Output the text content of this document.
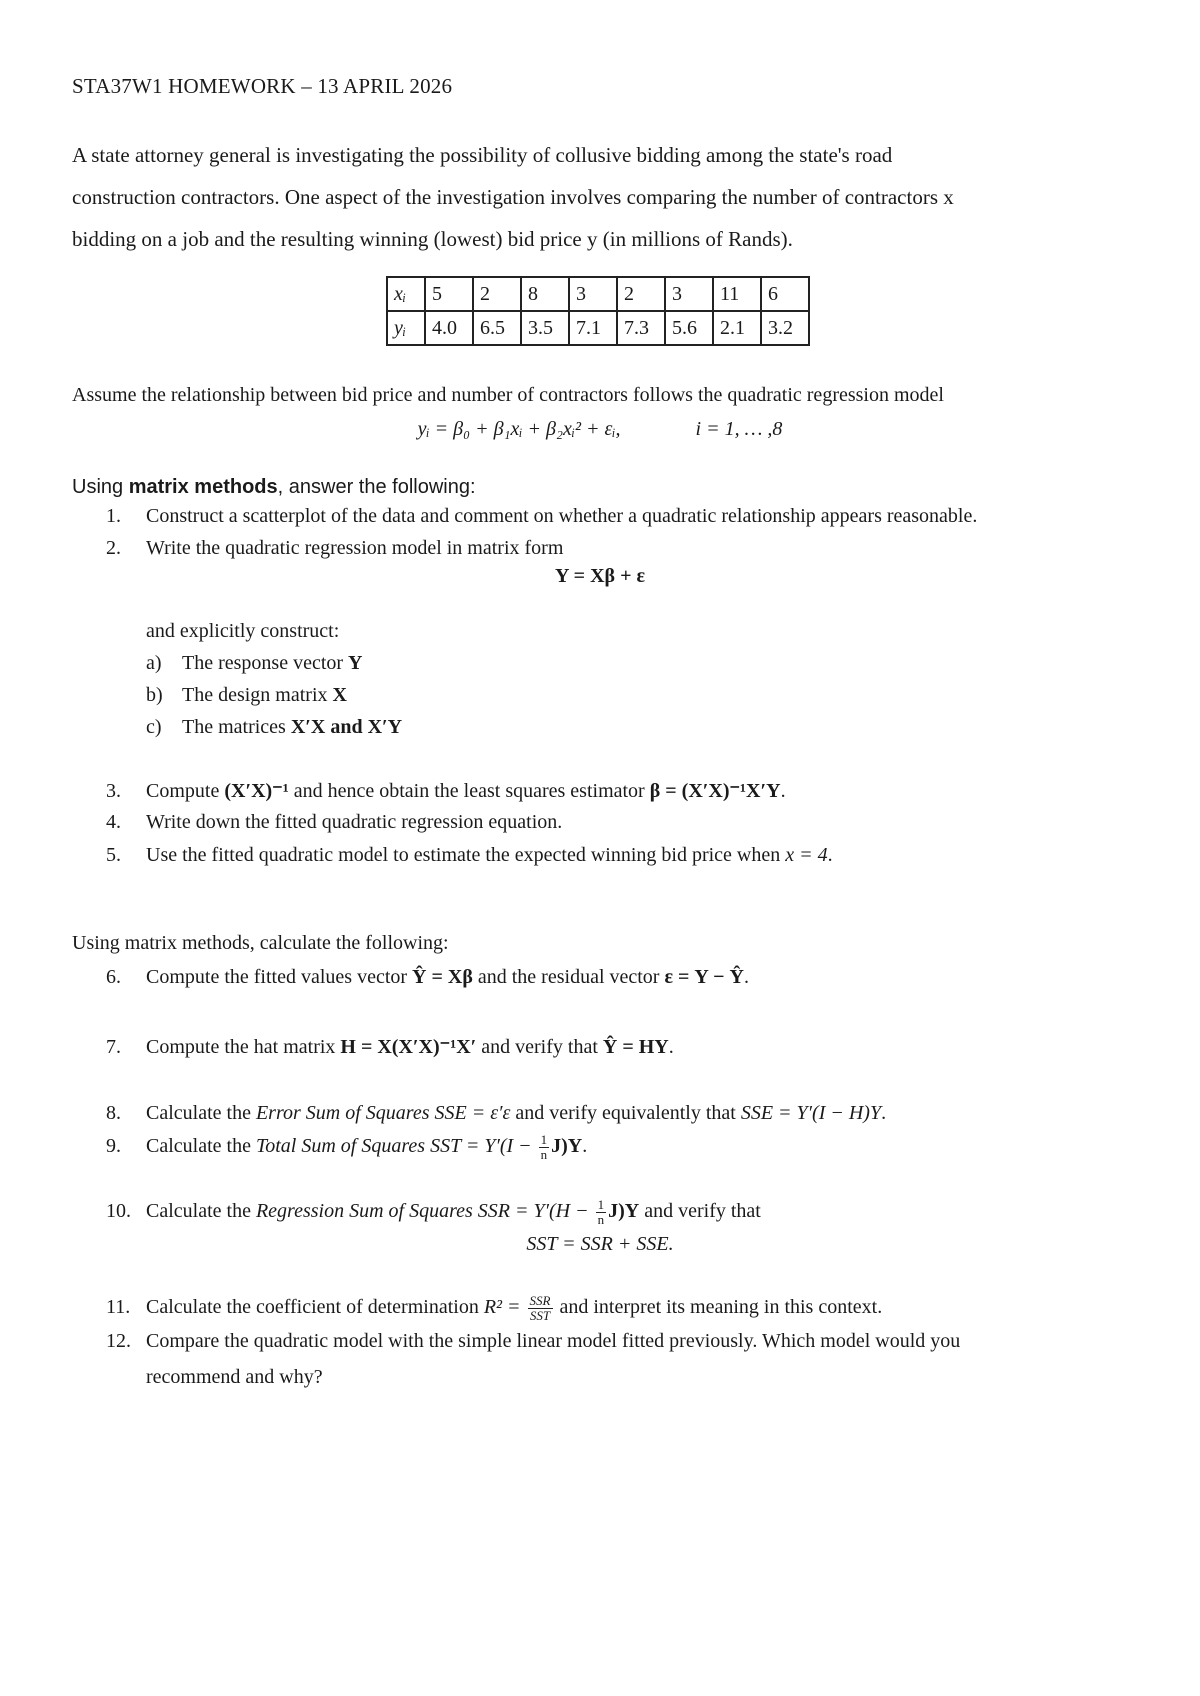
STA37W1 HOMEWORK – 13 APRIL 2026

A state attorney general is investigating the possibility of collusive bidding among the state's road

construction contractors. One aspect of the investigation involves comparing the number of contractors x

bidding on a job and the resulting winning (lowest) bid price y (in millions of Rands).

xᵢ	5	2	8	3	2	3	11	6
yᵢ	4.0	6.5	3.5	7.1	7.3	5.6	2.1	3.2
Assume the relationship between bid price and number of contractors follows the quadratic regression model
yᵢ = β₀ + β₁xᵢ + β₂xᵢ² + εᵢ,	i = 1, … ,8
Using matrix methods, answer the following:
1. Construct a scatterplot of the data and comment on whether a quadratic relationship appears reasonable.
2. Write the quadratic regression model in matrix form
Y = Xβ + ε
and explicitly construct:
a) The response vector Y
b) The design matrix X
c) The matrices X′X and X′Y
3. Compute (X′X)⁻¹ and hence obtain the least squares estimator β = (X′X)⁻¹X′Y.
4. Write down the fitted quadratic regression equation.
5. Use the fitted quadratic model to estimate the expected winning bid price when x = 4.
Using matrix methods, calculate the following:
6. Compute the fitted values vector Ŷ = Xβ and the residual vector ε = Y − Ŷ.
7. Compute the hat matrix H = X(X′X)⁻¹X′ and verify that Ŷ = HY.
8. Calculate the Error Sum of Squares SSE = ε′ε and verify equivalently that SSE = Y′(I − H)Y.
9. Calculate the Total Sum of Squares SST = $Y'(I - \frac{1}{n} J)Y$.
10. Calculate the Regression Sum of Squares SSR = $Y'(H - \frac{1}{n} J)Y$ and verify that
SST = SSR + SSE.
11. Calculate the coefficient of determination $R^2 = \frac{\text{SSR}}{\text{SST}}$ and interpret its meaning in this context.
12. Compare the quadratic model with the simple linear model fitted previously. Which model would you
recommend and why?
